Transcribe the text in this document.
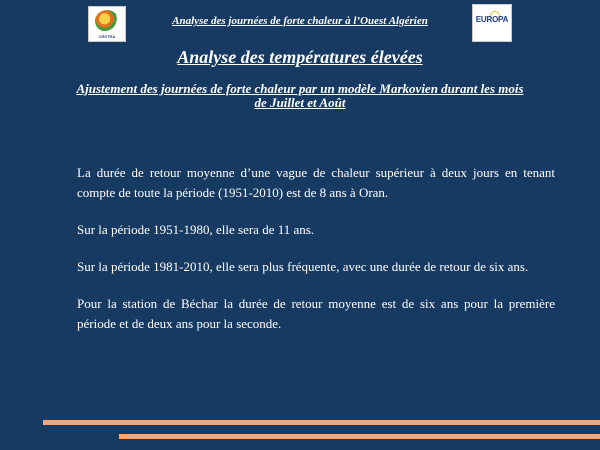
CRSTRA
Analyse des journées de forte chaleur à l’Ouest Algérien	EUROPA
Analyse des températures élevées
Ajustement des journées de forte chaleur par un modèle Markovien durant les mois de Juillet et Août

La durée de retour moyenne d’une vague de chaleur supérieur à deux jours en tenant compte de toute la période (1951-2010) est de 8 ans à Oran.

Sur la période 1951-1980, elle sera de 11 ans.

Sur la période 1981-2010, elle sera plus fréquente, avec une durée de retour de six ans.

Pour la station de Béchar la durée de retour moyenne est de six ans pour la première période et de deux ans pour la seconde.
